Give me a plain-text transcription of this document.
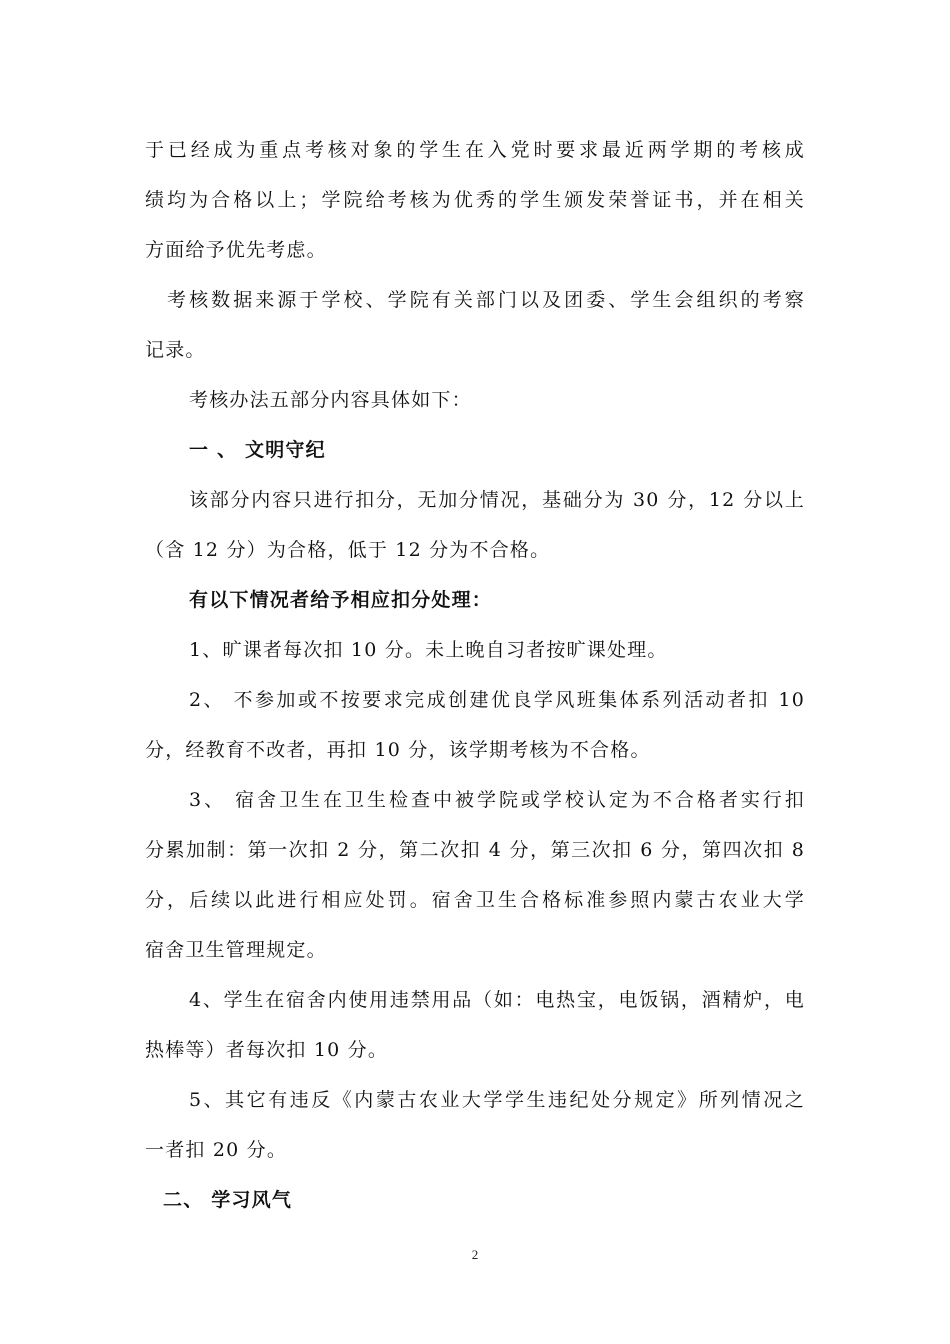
于已经成为重点考核对象的学生在入党时要求最近两学期的考核成
绩均为合格以上；学院给考核为优秀的学生颁发荣誉证书，并在相关
方面给予优先考虑。
考核数据来源于学校、学院有关部门以及团委、学生会组织的考察
记录。
考核办法五部分内容具体如下：
一 、 文明守纪
该部分内容只进行扣分，无加分情况，基础分为 30 分，12 分以上
（含 12 分）为合格，低于 12 分为不合格。
有以下情况者给予相应扣分处理：
1、旷课者每次扣 10 分。未上晚自习者按旷课处理。
2、 不参加或不按要求完成创建优良学风班集体系列活动者扣 10
分，经教育不改者，再扣 10 分，该学期考核为不合格。
3、 宿舍卫生在卫生检查中被学院或学校认定为不合格者实行扣
分累加制：第一次扣 2 分，第二次扣 4 分，第三次扣 6 分，第四次扣 8
分，后续以此进行相应处罚。宿舍卫生合格标准参照内蒙古农业大学
宿舍卫生管理规定。
4、学生在宿舍内使用违禁用品（如：电热宝，电饭锅，酒精炉，电
热棒等）者每次扣 10 分。
5、其它有违反《内蒙古农业大学学生违纪处分规定》所列情况之
一者扣 20 分。
二、 学习风气
2
